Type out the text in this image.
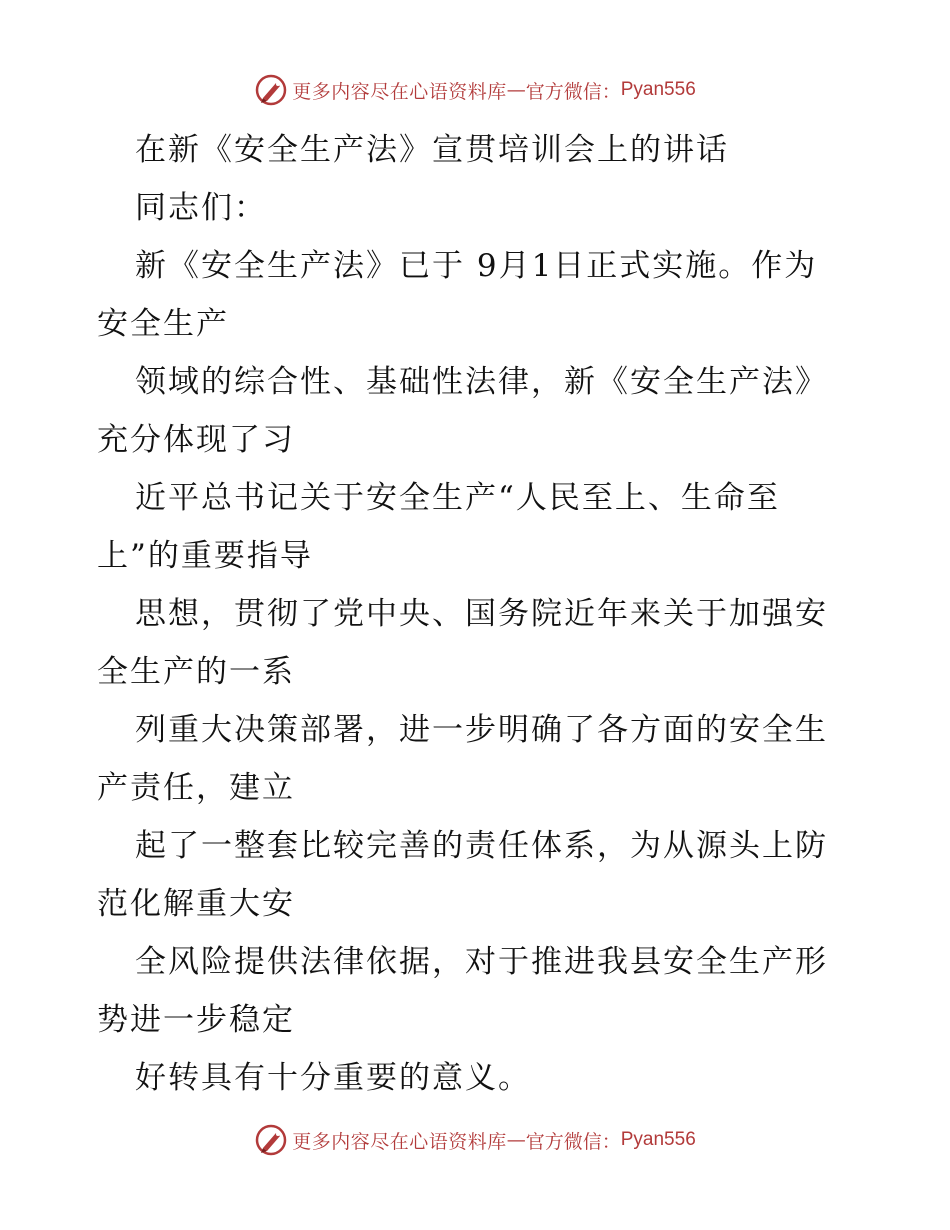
更多内容尽在心语资料库 — 官方微信： Pyan556
在新《安全生产法》宣贯培训会上的讲话
同志们：
新《安全生产法》已于 9月1日正式实施。作为
安全生产
领域的综合性、基础性法律，新《安全生产法》
充分体现了习
近平总书记关于安全生产“人民至上、生命至
上”的重要指导
思想，贯彻了党中央、国务院近年来关于加强安
全生产的一系
列重大决策部署，进一步明确了各方面的安全生
产责任，建立
起了一整套比较完善的责任体系，为从源头上防
范化解重大安
全风险提供法律依据，对于推进我县安全生产形
势进一步稳定
好转具有十分重要的意义。
更多内容尽在心语资料库 — 官方微信： Pyan556
